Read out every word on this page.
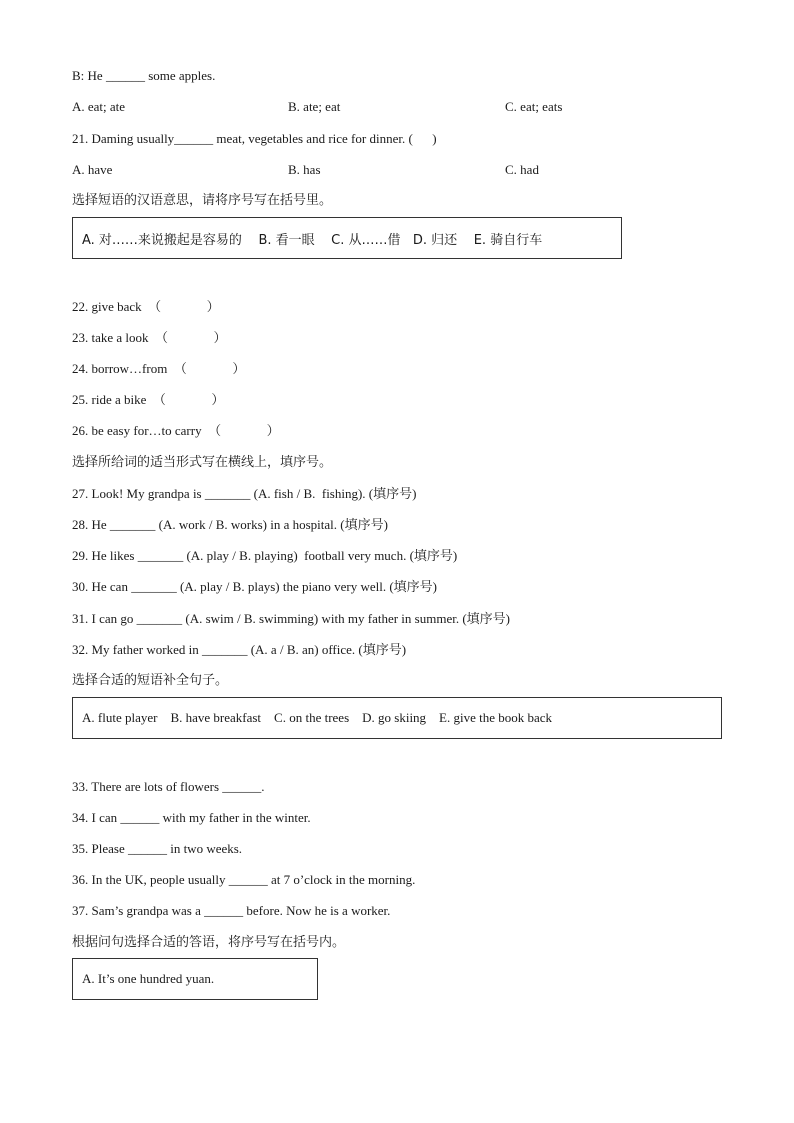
B: He ______ some apples.
A. eat; ate	B. ate; eat	C. eat; eats
21. Daming usually______ meat, vegetables and rice for dinner. (      )
A. have	B. has	C. had
选择短语的汉语意思，请将序号写在括号里。
A. 对……来说搬起是容易的    B. 看一眼    C. 从……借   D. 归还    E. 骑自行车
22. give back  （              ）
23. take a look  （              ）
24. borrow…from  （              ）
25. ride a bike  （              ）
26. be easy for…to carry  （              ）
选择所给词的适当形式写在横线上，填序号。
27. Look! My grandpa is _______ (A. fish / B.  fishing). (填序号)
28. He _______ (A. work / B. works) in a hospital. (填序号)
29. He likes _______ (A. play / B. playing)  football very much. (填序号)
30. He can _______ (A. play / B. plays) the piano very well. (填序号)
31. I can go _______ (A. swim / B. swimming) with my father in summer. (填序号)
32. My father worked in _______ (A. a / B. an) office. (填序号)
选择合适的短语补全句子。
A. flute player    B. have breakfast    C. on the trees    D. go skiing    E. give the book back
33. There are lots of flowers ______.
34. I can ______ with my father in the winter.
35. Please ______ in two weeks.
36. In the UK, people usually ______ at 7 o’clock in the morning.
37. Sam’s grandpa was a ______ before. Now he is a worker.
根据问句选择合适的答语，将序号写在括号内。
A. It’s one hundred yuan.
